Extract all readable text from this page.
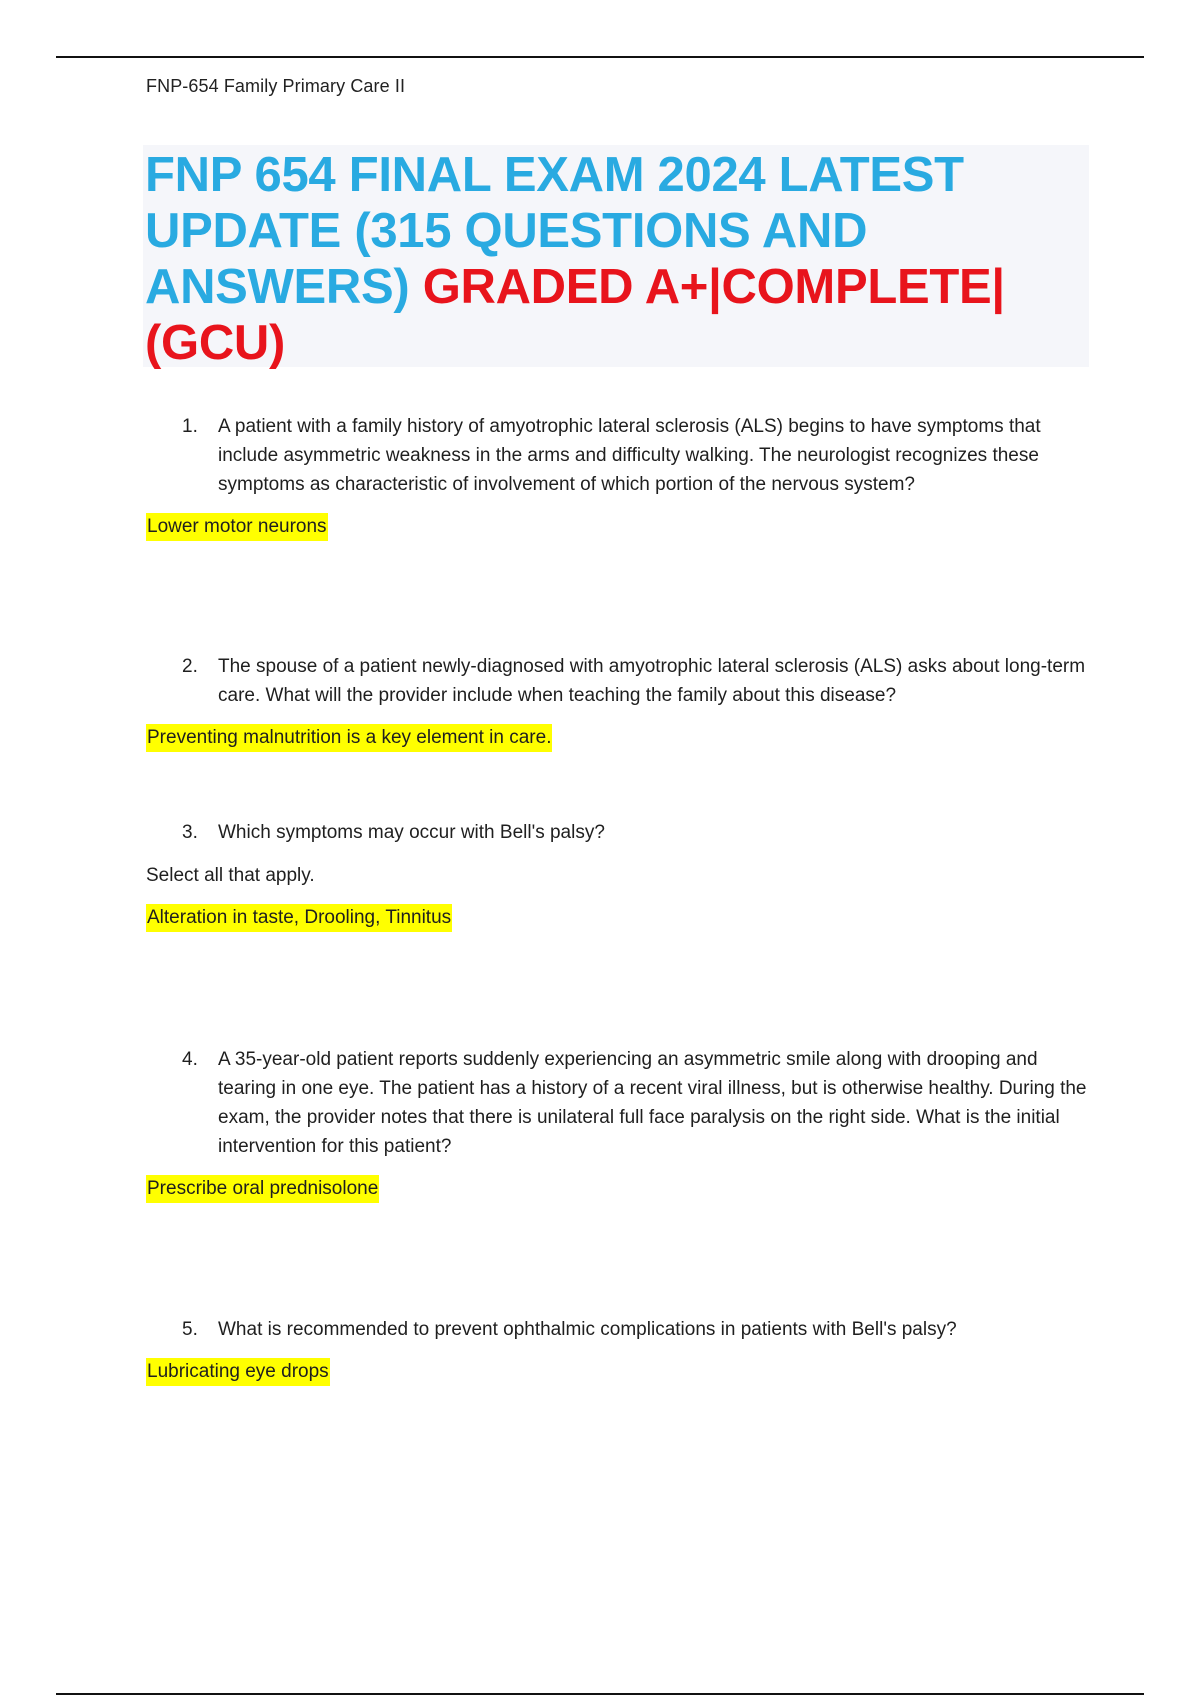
FNP-654 Family Primary Care II
FNP 654 FINAL EXAM 2024 LATEST UPDATE (315 QUESTIONS AND ANSWERS) GRADED A+|COMPLETE| (GCU)
1. A patient with a family history of amyotrophic lateral sclerosis (ALS) begins to have symptoms that include asymmetric weakness in the arms and difficulty walking. The neurologist recognizes these symptoms as characteristic of involvement of which portion of the nervous system?
Lower motor neurons
2. The spouse of a patient newly-diagnosed with amyotrophic lateral sclerosis (ALS) asks about long-term care. What will the provider include when teaching the family about this disease?
Preventing malnutrition is a key element in care.
3. Which symptoms may occur with Bell's palsy?
Select all that apply.
Alteration in taste, Drooling, Tinnitus
4. A 35-year-old patient reports suddenly experiencing an asymmetric smile along with drooping and tearing in one eye. The patient has a history of a recent viral illness, but is otherwise healthy. During the exam, the provider notes that there is unilateral full face paralysis on the right side. What is the initial intervention for this patient?
Prescribe oral prednisolone
5. What is recommended to prevent ophthalmic complications in patients with Bell's palsy?
Lubricating eye drops
